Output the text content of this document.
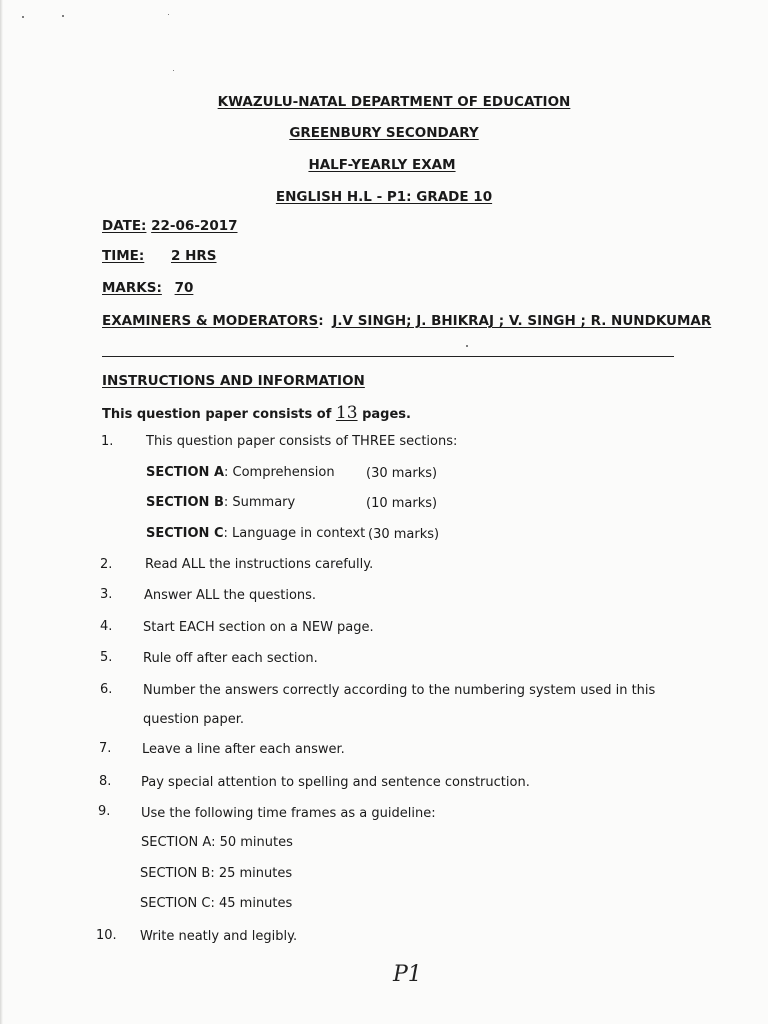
KWAZULU-NATAL DEPARTMENT OF EDUCATION
GREENBURY SECONDARY
HALF-YEARLY EXAM
ENGLISH H.L - P1: GRADE 10
DATE: 22-06-2017
TIME: 2 HRS
MARKS: 70
EXAMINERS & MODERATORS: J.V SINGH; J. BHIKRAJ ; V. SINGH ; R. NUNDKUMAR
INSTRUCTIONS AND INFORMATION
This question paper consists of 13 pages.
1.	This question paper consists of THREE sections:
SECTION A: Comprehension (30 marks)
SECTION B: Summary	(10 marks)
SECTION C: Language in context (30 marks)
2.	Read ALL the instructions carefully.
3. Answer ALL the questions.
4. Start EACH section on a NEW page.
5. Rule off after each section.
6. Number the answers correctly according to the numbering system used in this
question paper.
7. Leave a line after each answer.
8. Pay special attention to spelling and sentence construction.
9. Use the following time frames as a guideline:
SECTION A: 50 minutes
SECTION B: 25 minutes
SECTION C: 45 minutes
10. Write neatly and legibly.
P1
